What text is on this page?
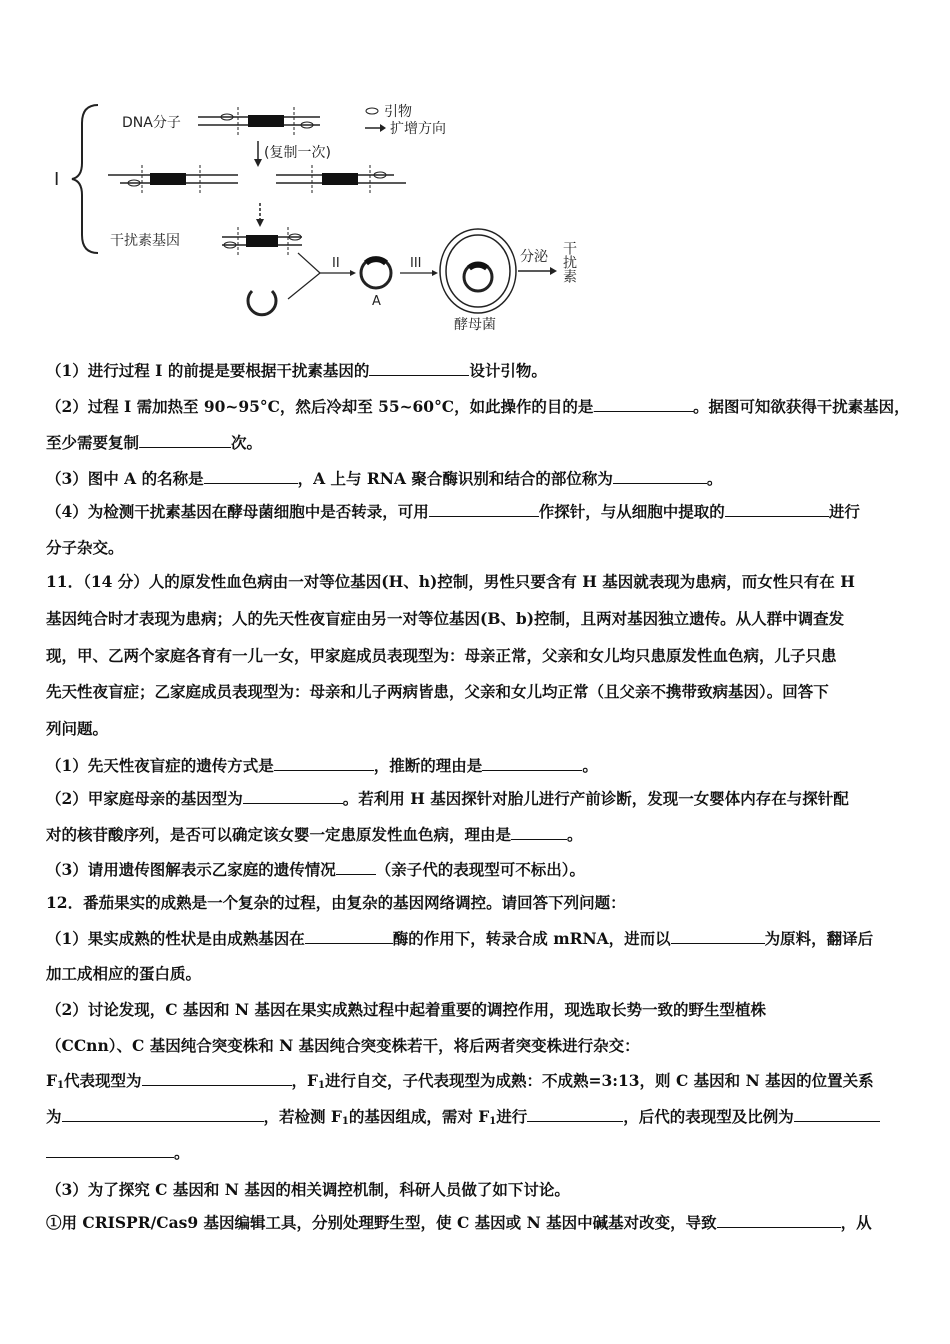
I
DNA分子
引物
扩增方向
(复制一次)
干扰素基因
II
A
III
酵母菌
分泌 干扰素
（1）进行过程 I 的前提是要根据干扰素基因的	设计引物。
（2）过程 I 需加热至 90~95°C，然后冷却至 55~60°C，如此操作的目的是	。据图可知欲获得干扰素基因，
至少需要复制	次。
（3）图中 A 的名称是	，A 上与 RNA 聚合酶识别和结合的部位称为	。
（4）为检测干扰素基因在酵母菌细胞中是否转录，可用	作探针，与从细胞中提取的	进行
分子杂交。
11．（14 分）人的原发性血色病由一对等位基因(H、h)控制，男性只要含有 H 基因就表现为患病，而女性只有在 H
基因纯合时才表现为患病；人的先天性夜盲症由另一对等位基因(B、b)控制，且两对基因独立遗传。从人群中调查发
现，甲、乙两个家庭各育有一儿一女，甲家庭成员表现型为：母亲正常，父亲和女儿均只患原发性血色病，儿子只患
先天性夜盲症；乙家庭成员表现型为：母亲和儿子两病皆患，父亲和女儿均正常（且父亲不携带致病基因）。回答下
列问题。
（1）先天性夜盲症的遗传方式是	，推断的理由是	。
（2）甲家庭母亲的基因型为	。若利用 H 基因探针对胎儿进行产前诊断，发现一女婴体内存在与探针配
对的核苷酸序列，是否可以确定该女婴一定患原发性血色病，理由是	。
（3）请用遗传图解表示乙家庭的遗传情况	（亲子代的表现型可不标出）。
12．番茄果实的成熟是一个复杂的过程，由复杂的基因网络调控。请回答下列问题：
（1）果实成熟的性状是由成熟基因在	酶的作用下，转录合成 mRNA，进而以	为原料，翻译后
加工成相应的蛋白质。
（2）讨论发现，C 基因和 N 基因在果实成熟过程中起着重要的调控作用，现选取长势一致的野生型植株
（CCnn）、C 基因纯合突变株和 N 基因纯合突变株若干，将后两者突变株进行杂交：
$F_1$代表现型为	，$F_1$进行自交，子代表现型为成熟：不成熟=3:13，则 C 基因和 N 基因的位置关系
为	，若检测 $F_1$的基因组成，需对 $F_1$进行	，后代的表现型及比例为
。
（3）为了探究 C 基因和 N 基因的相关调控机制，科研人员做了如下讨论。
①用 CRISPR/Cas9 基因编辑工具，分别处理野生型，使 C 基因或 N 基因中碱基对改变，导致	，从
